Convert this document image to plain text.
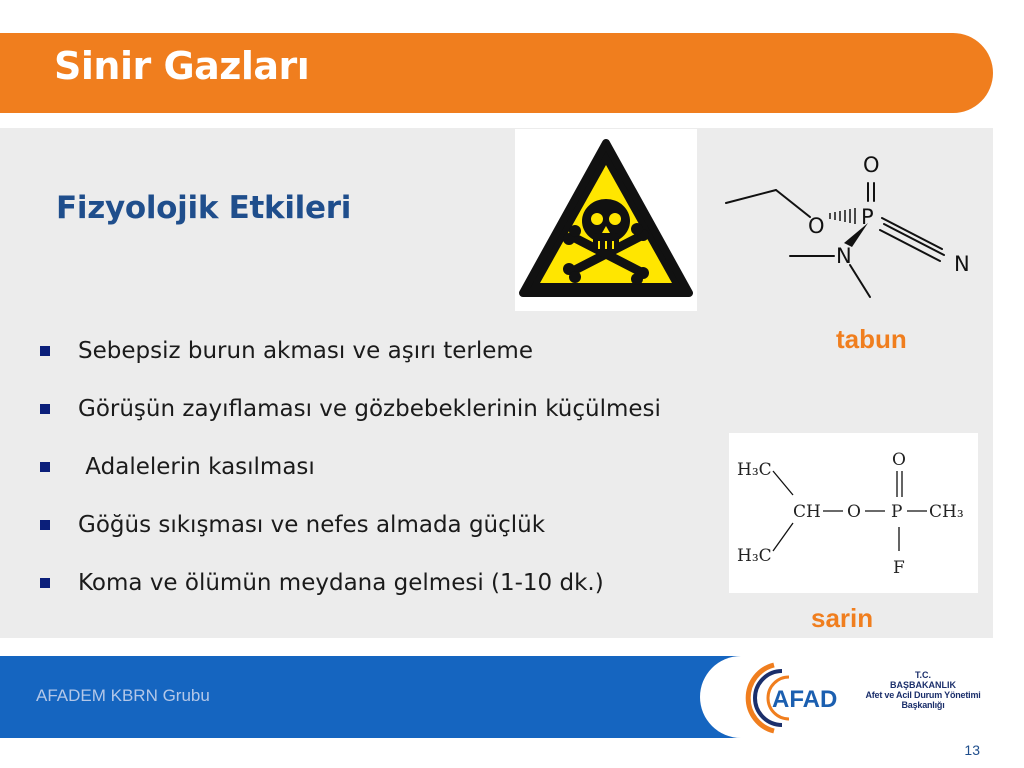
Sinir Gazları
Fizyolojik Etkileri
Sebepsiz burun akması ve aşırı terleme
Görüşün zayıflaması ve gözbebeklerinin küçülmesi
Adalelerin kasılması
Göğüs sıkışması ve nefes almada güçlük
Koma ve ölümün meydana gelmesi (1-10 dk.)
O
P
O
N	N
tabun
H₃C
H₃C
CH O P CH₃
O
F
sarin
AFADEM KBRN Grubu	AFAD
T.C.
BAŞBAKANLIK
Afet ve Acil Durum Yönetimi Başkanlığı
13
